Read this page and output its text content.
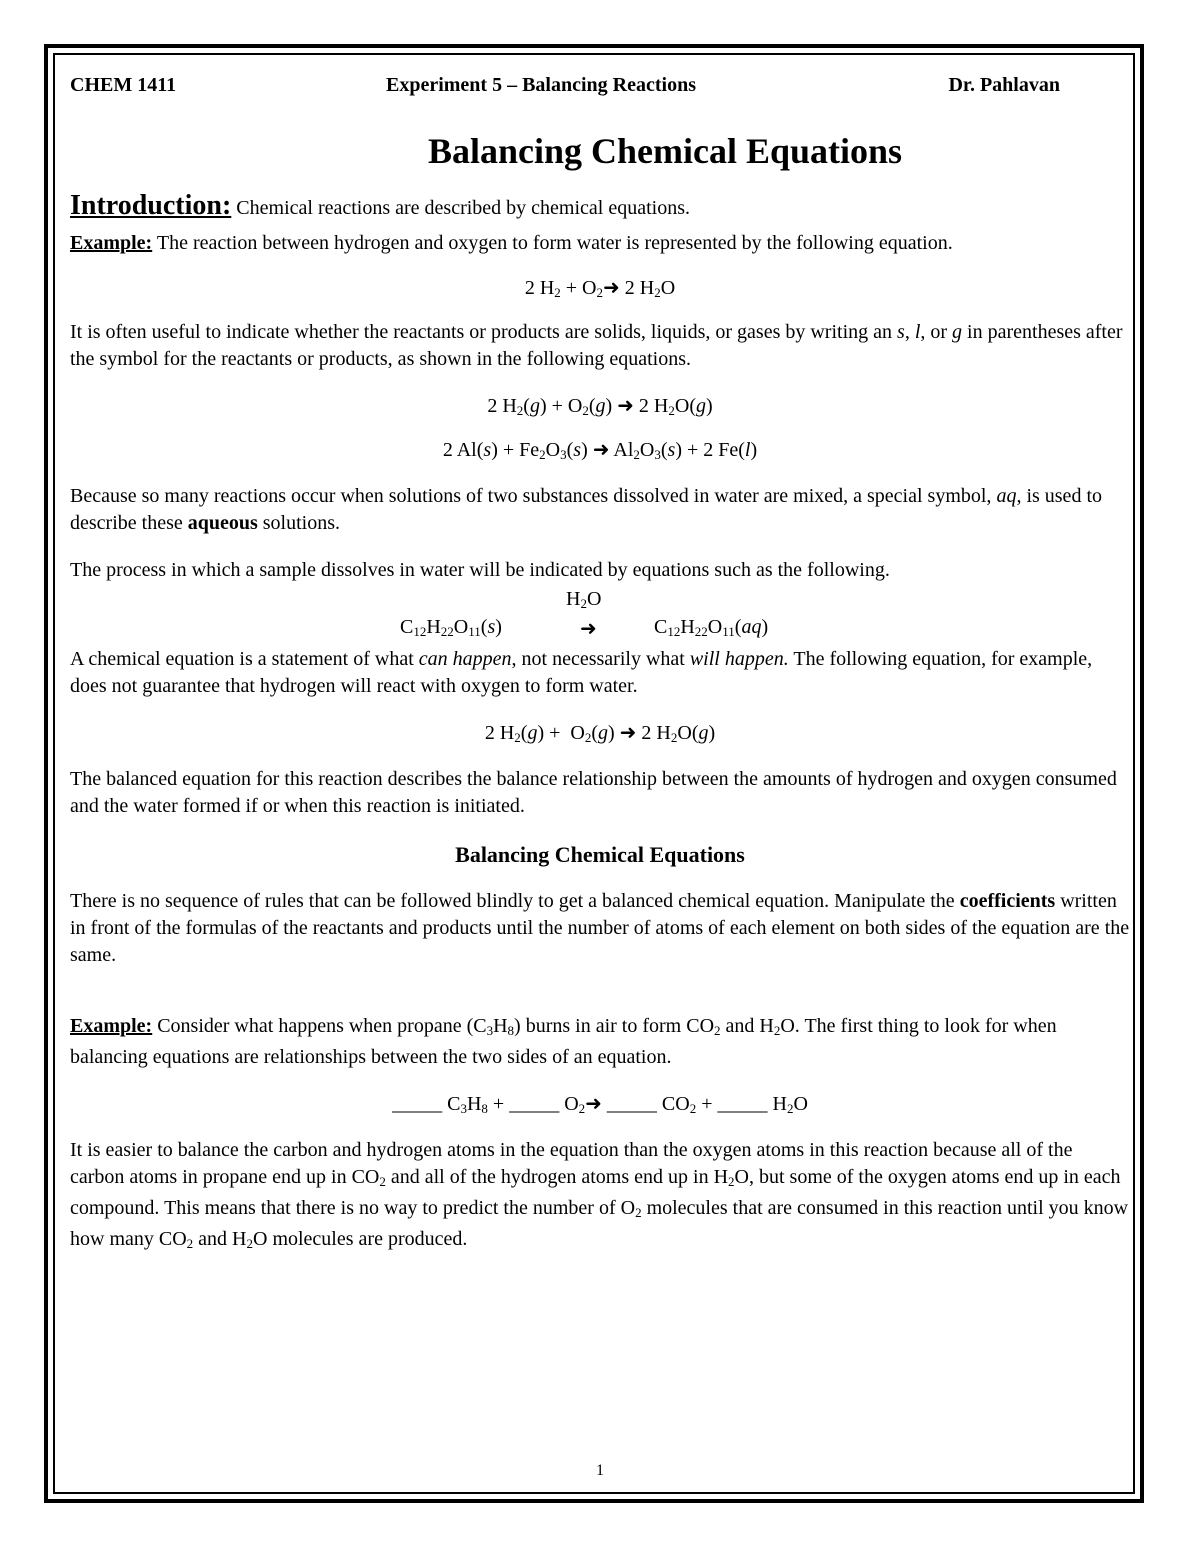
CHEM 1411	Experiment 5 – Balancing Reactions	Dr. Pahlavan
Balancing Chemical Equations

Introduction: Chemical reactions are described by chemical equations.

Example: The reaction between hydrogen and oxygen to form water is represented by the following equation.

2 $H_2$ + $O_2➜$ 2 $H_2O$

It is often useful to indicate whether the reactants or products are solids, liquids, or gases by writing an s, l, or g in parentheses after the symbol for the reactants or products, as shown in the following equations.

2 $H_2(g) + O_2(g)$ ➜ 2 $H_2O(g)$
2 $Al(s) + Fe_2O_3(s)$ ➜ $Al_2O_3(s) + 2$ Fe(l)

Because so many reactions occur when solutions of two substances dissolved in water are mixed, a special symbol, aq, is used to describe these aqueous solutions.

The process in which a sample dissolves in water will be indicated by equations such as the following.

$H_2O$
$C_{12}H_{22}O_{11}(s)$	➜	$C_{12}H_{22}O_{11}(aq)$

A chemical equation is a statement of what can happen, not necessarily what will happen. The following equation, for example, does not guarantee that hydrogen will react with oxygen to form water.

2 $H_2(g) + O_2(g)$ ➜ 2 $H_2O(g)$

The balanced equation for this reaction describes the balance relationship between the amounts of hydrogen and oxygen consumed and the water formed if or when this reaction is initiated.

Balancing Chemical Equations

There is no sequence of rules that can be followed blindly to get a balanced chemical equation. Manipulate the coefficients written in front of the formulas of the reactants and products until the number of atoms of each element on both sides of the equation are the same.

Example: Consider what happens when propane $(C_3H_8)$ burns in air to form $CO_2$ and $H_2O$. The first thing to look for when balancing equations are relationships between the two sides of an equation.

_____ $C_3H_8$ + _____ $O_2➜$ _____ $CO_2$ + _____ $H_2O$

It is easier to balance the carbon and hydrogen atoms in the equation than the oxygen atoms in this reaction because all of the carbon atoms in propane end up in $CO_2$ and all of the hydrogen atoms end up in $H_2O$, but some of the oxygen atoms end up in each compound. This means that there is no way to predict the number of $O_2$ molecules that are consumed in this reaction until you know how many $CO_2$ and $H_2O$ molecules are produced.

1
